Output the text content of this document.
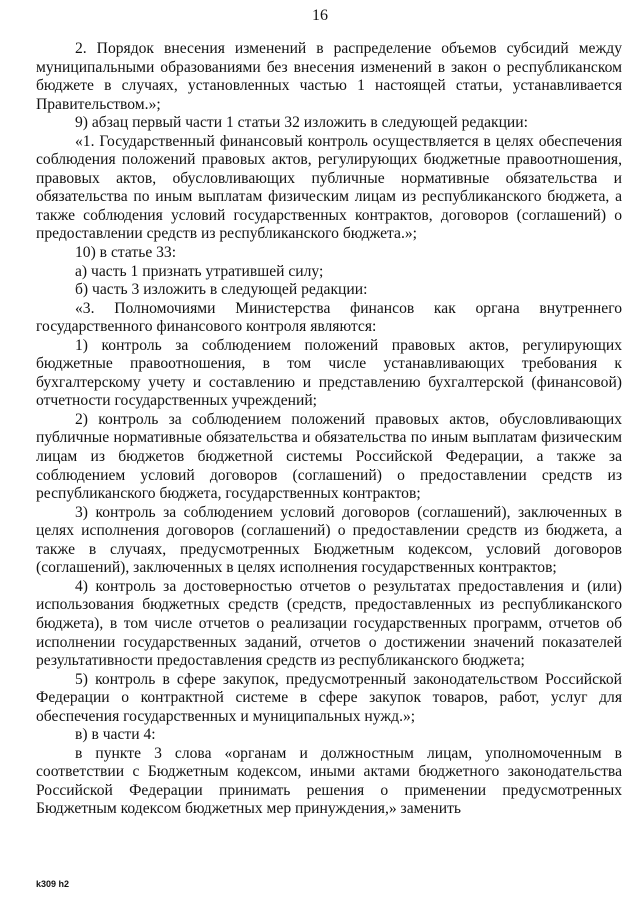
16

2. Порядок внесения изменений в распределение объемов субсидий между муниципальными образованиями без внесения изменений в закон о республиканском бюджете в случаях, установленных частью 1 настоящей статьи, устанавливается Правительством.»;

9) абзац первый части 1 статьи 32 изложить в следующей редакции:

«1. Государственный финансовый контроль осуществляется в целях обеспечения соблюдения положений правовых актов, регулирующих бюджетные правоотношения, правовых актов, обусловливающих публичные нормативные обязательства и обязательства по иным выплатам физическим лицам из республиканского бюджета, а также соблюдения условий государственных контрактов, договоров (соглашений) о предоставлении средств из республиканского бюджета.»;

10) в статье 33:

а) часть 1 признать утратившей силу;

б) часть 3 изложить в следующей редакции:

«3. Полномочиями Министерства финансов как органа внутреннего государственного финансового контроля являются:

1) контроль за соблюдением положений правовых актов, регулирующих бюджетные правоотношения, в том числе устанавливающих требования к бухгалтерскому учету и составлению и представлению бухгалтерской (финансовой) отчетности государственных учреждений;

2) контроль за соблюдением положений правовых актов, обусловливающих публичные нормативные обязательства и обязательства по иным выплатам физическим лицам из бюджетов бюджетной системы Российской Федерации, а также за соблюдением условий договоров (соглашений) о предоставлении средств из республиканского бюджета, государственных контрактов;

3) контроль за соблюдением условий договоров (соглашений), заключенных в целях исполнения договоров (соглашений) о предоставлении средств из бюджета, а также в случаях, предусмотренных Бюджетным кодексом, условий договоров (соглашений), заключенных в целях исполнения государственных контрактов;

4) контроль за достоверностью отчетов о результатах предоставления и (или) использования бюджетных средств (средств, предоставленных из республиканского бюджета), в том числе отчетов о реализации государственных программ, отчетов об исполнении государственных заданий, отчетов о достижении значений показателей результативности предоставления средств из республиканского бюджета;

5) контроль в сфере закупок, предусмотренный законодательством Российской Федерации о контрактной системе в сфере закупок товаров, работ, услуг для обеспечения государственных и муниципальных нужд.»;

в) в части 4:

в пункте 3 слова «органам и должностным лицам, уполномоченным в соответствии с Бюджетным кодексом, иными актами бюджетного законодательства Российской Федерации принимать решения о применении предусмотренных Бюджетным кодексом бюджетных мер принуждения,» заменить

k309 h2
